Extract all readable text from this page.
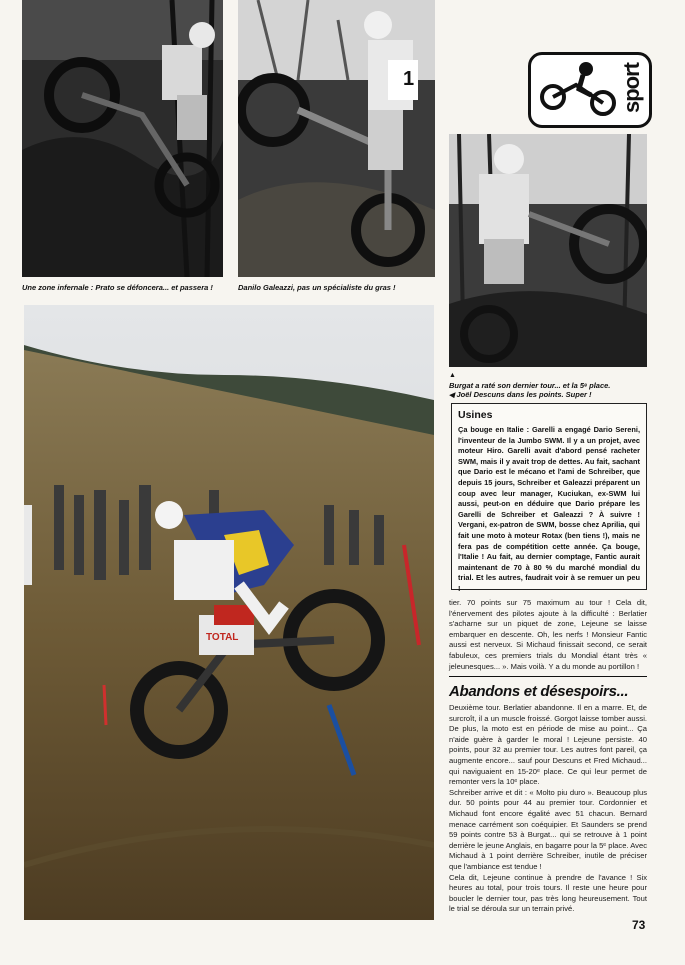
1	sport
Une zone infernale : Prato se défoncera... et passera !	Danilo Galeazzi, pas un spécialiste du gras !
▲
Burgat a raté son dernier tour... et la 5ᵉ place.
◀ Joël Descuns dans les points. Super !
TOTAL
Usines

Ça bouge en Italie : Garelli a engagé Dario Sereni, l'inventeur de la Jumbo SWM. Il y a un projet, avec moteur Hiro. Garelli avait d'abord pensé racheter SWM, mais il y avait trop de dettes. Au fait, sachant que Dario est le mécano et l'ami de Schreiber, que depuis 15 jours, Schreiber et Galeazzi préparent un coup avec leur manager, Kuciukan, ex-SWM lui aussi, peut-on en déduire que Dario prépare les Garelli de Schreiber et Galeazzi ? À suivre ! Vergani, ex-patron de SWM, bosse chez Aprilia, qui fait une moto à moteur Rotax (ben tiens !), mais ne fera pas de compétition cette année. Ça bouge, l'Italie ! Au fait, au dernier comptage, Fantic aurait maintenant de 70 à 80 % du marché mondial du trial. Et les autres, faudrait voir à se remuer un peu !

tier. 70 points sur 75 maximum au tour ! Cela dit, l'énervement des pilotes ajoute à la difficulté : Berlatier s'acharne sur un piquet de zone, Lejeune se laisse embarquer en descente. Oh, les nerfs ! Monsieur Fantic aussi est nerveux. Si Michaud finissait second, ce serait fabuleux, ces premiers trials du Mondial étant très « jeleunesques... ». Mais voilà. Y a du monde au portillon !

Abandons et désespoirs...

Deuxième tour. Berlatier abandonne. Il en a marre. Et, de surcroît, il a un muscle froissé. Gorgot laisse tomber aussi. De plus, la moto est en période de mise au point... Ça n'aide guère à garder le moral ! Lejeune persiste. 40 points, pour 32 au premier tour. Les autres font pareil, ça augmente encore... sauf pour Descuns et Fred Michaud... qui naviguaient en 15-20ᵉ place. Ce qui leur permet de remonter vers la 10ᵉ place.

Schreiber arrive et dit : « Molto piu duro ». Beaucoup plus dur. 50 points pour 44 au premier tour. Cordonnier et Michaud font encore égalité avec 51 chacun. Bernard menace carrément son coéquipier. Et Saunders se prend 59 points contre 53 à Burgat... qui se retrouve à 1 point derrière le jeune Anglais, en bagarre pour la 5ᵉ place. Avec Michaud à 1 point derrière Schreiber, inutile de préciser que l'ambiance est tendue !

Cela dit, Lejeune continue à prendre de l'avance ! Six heures au total, pour trois tours. Il reste une heure pour boucler le dernier tour, pas très long heureusement. Tout le trial se déroula sur un terrain privé.

73
